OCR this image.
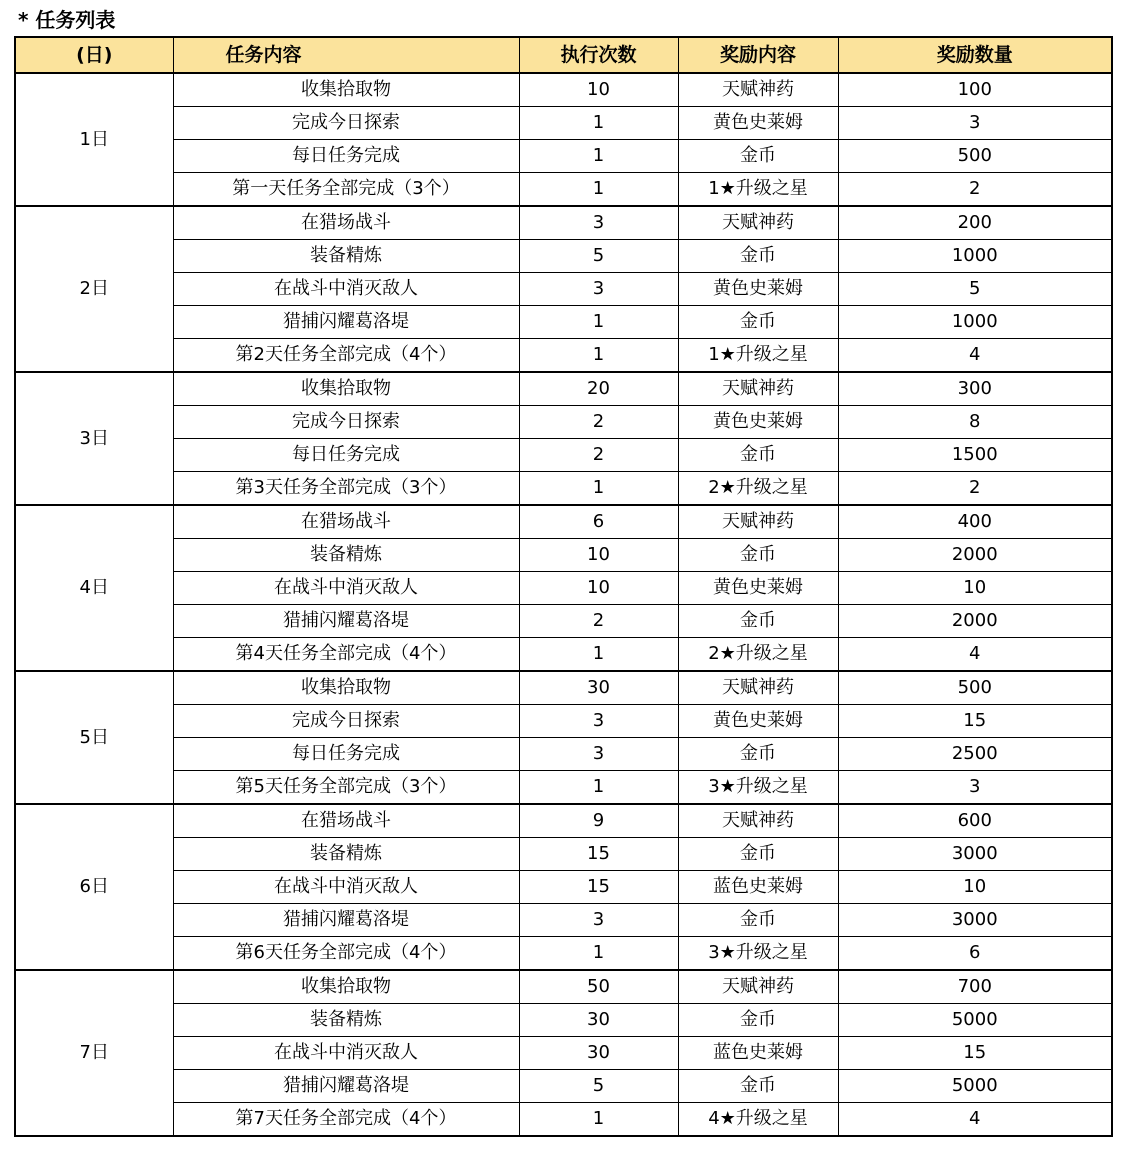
* 任务列表
(日)	任务内容	执行次数	奖励内容	奖励数量
1日	收集拾取物	10	天赋神药	100
	完成今日探索	1	黄色史莱姆	3
	每日任务完成	1	金币	500
	第一天任务全部完成（3个）	1	1★升级之星	2
2日	在猎场战斗	3	天赋神药	200
	装备精炼	5	金币	1000
	在战斗中消灭敌人	3	黄色史莱姆	5
	猎捕闪耀葛洛堤	1	金币	1000
	第2天任务全部完成（4个）	1	1★升级之星	4
3日	收集拾取物	20	天赋神药	300
	完成今日探索	2	黄色史莱姆	8
	每日任务完成	2	金币	1500
	第3天任务全部完成（3个）	1	2★升级之星	2
4日	在猎场战斗	6	天赋神药	400
	装备精炼	10	金币	2000
	在战斗中消灭敌人	10	黄色史莱姆	10
	猎捕闪耀葛洛堤	2	金币	2000
	第4天任务全部完成（4个）	1	2★升级之星	4
5日	收集拾取物	30	天赋神药	500
	完成今日探索	3	黄色史莱姆	15
	每日任务完成	3	金币	2500
	第5天任务全部完成（3个）	1	3★升级之星	3
6日	在猎场战斗	9	天赋神药	600
	装备精炼	15	金币	3000
	在战斗中消灭敌人	15	蓝色史莱姆	10
	猎捕闪耀葛洛堤	3	金币	3000
	第6天任务全部完成（4个）	1	3★升级之星	6
7日	收集拾取物	50	天赋神药	700
	装备精炼	30	金币	5000
	在战斗中消灭敌人	30	蓝色史莱姆	15
	猎捕闪耀葛洛堤	5	金币	5000
	第7天任务全部完成（4个）	1	4★升级之星	4
